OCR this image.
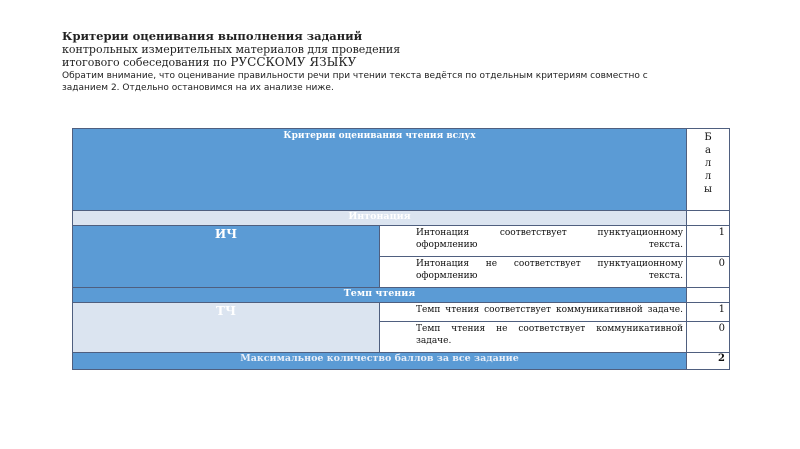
Критерии оценивания выполнения заданий
контрольных измерительных материалов для проведения
итогового собеседования по РУССКОМУ ЯЗЫКУ
Обратим внимание, что оценивание правильности речи при чтении текста ведётся по отдельным критериям совместно с
заданием 2. Отдельно остановимся на их анализе ниже.
Критерии оценивания чтения вслух		Б
а
л
л
ы

Интонация		
ИЧ	Интонация соответствует пунктуационному оформлению текста.	1
	Интонация не соответствует пунктуационному оформлению текста.	0
Темп чтения		
ТЧ	Темп чтения соответствует коммуникативной задаче.	1
	Темп чтения не соответствует коммуникативной задаче.	0
Максимальное количество баллов за все задание		2
